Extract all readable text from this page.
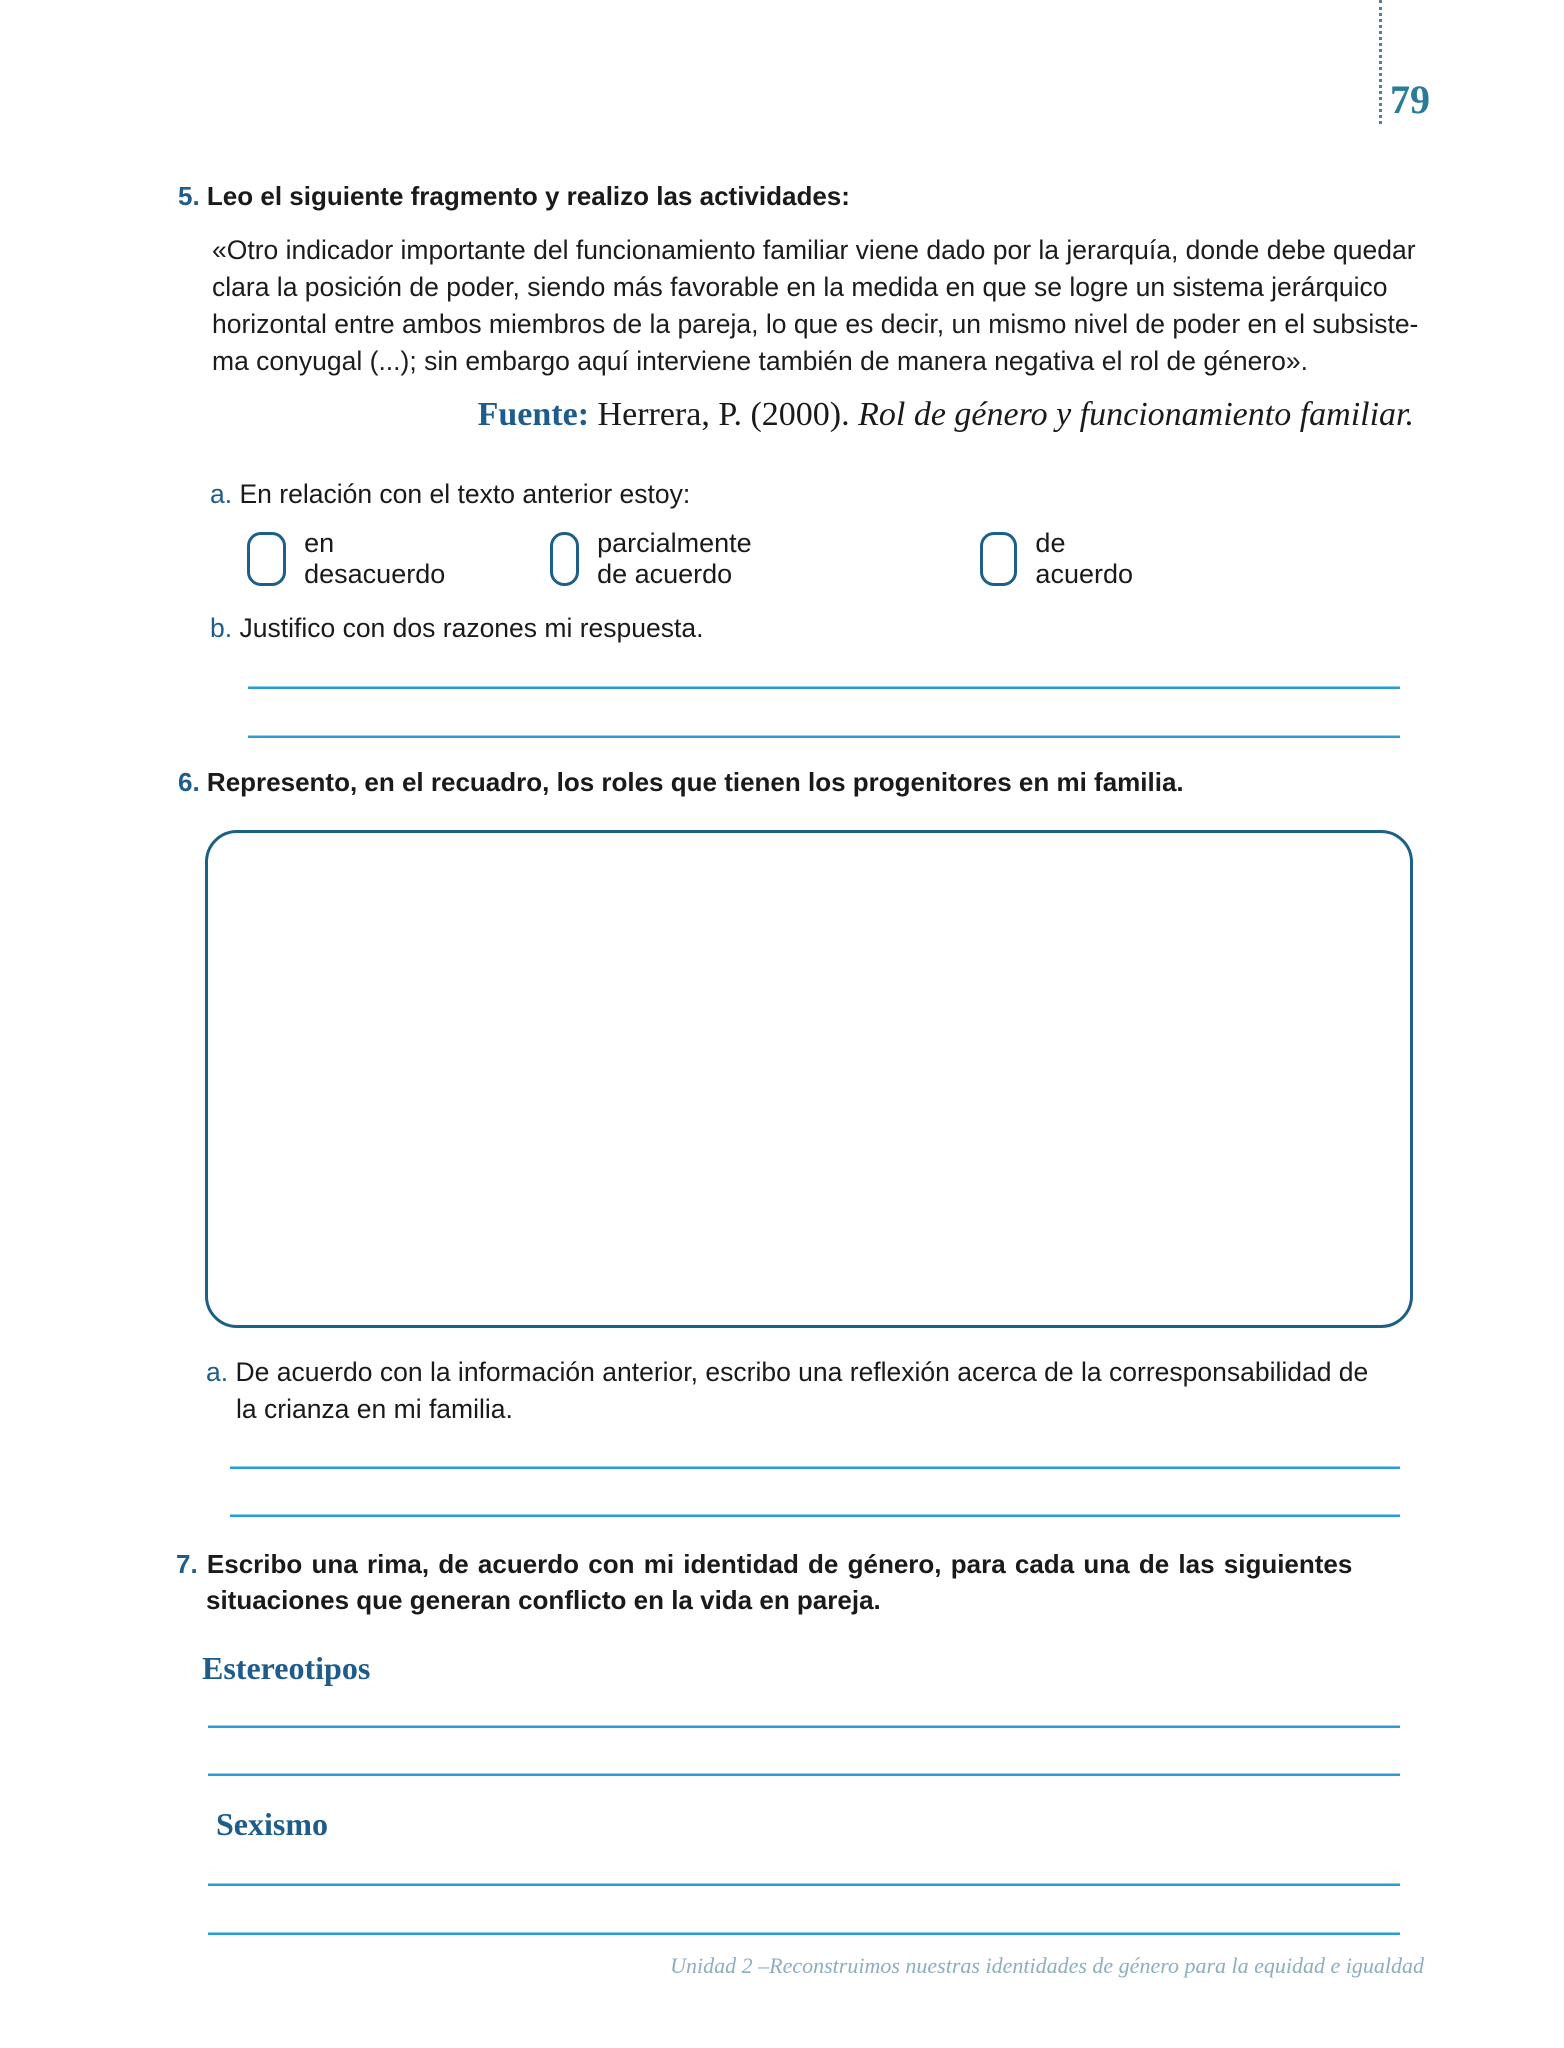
79
5. Leo el siguiente fragmento y realizo las actividades:
«Otro indicador importante del funcionamiento familiar viene dado por la jerarquía, donde debe quedar
clara la posición de poder, siendo más favorable en la medida en que se logre un sistema jerárquico
horizontal entre ambos miembros de la pareja, lo que es decir, un mismo nivel de poder en el subsiste-
ma conyugal (...); sin embargo aquí interviene también de manera negativa el rol de género».
Fuente: Herrera, P. (2000). Rol de género y funcionamiento familiar.
a. En relación con el texto anterior estoy:
en desacuerdo
parcialmente de acuerdo
de acuerdo
b. Justifico con dos razones mi respuesta.
6. Represento, en el recuadro, los roles que tienen los progenitores en mi familia.
a. De acuerdo con la información anterior, escribo una reflexión acerca de la corresponsabilidad de
la crianza en mi familia.
7. Escribo una rima, de acuerdo con mi identidad de género, para cada una de las siguientes
situaciones que generan conflicto en la vida en pareja.
Estereotipos
Sexismo
Unidad 2 –Reconstruimos nuestras identidades de género para la equidad e igualdad
